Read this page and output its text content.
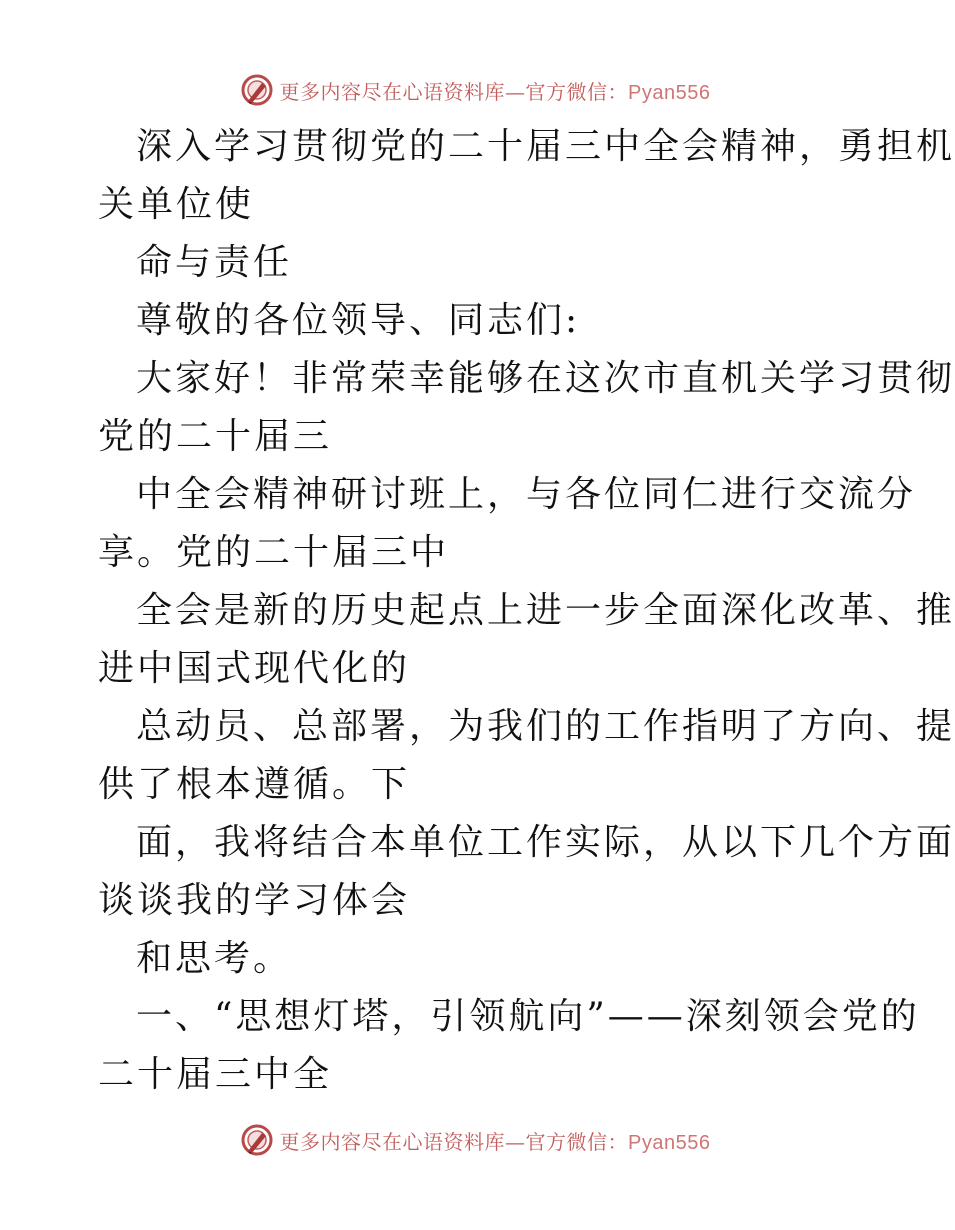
更多内容尽在心语资料库—官方微信：Pyan556
深入学习贯彻党的二十届三中全会精神，勇担机
关单位使
命与责任
尊敬的各位领导、同志们:
大家好！非常荣幸能够在这次市直机关学习贯彻
党的二十届三
中全会精神研讨班上，与各位同仁进行交流分
享。党的二十届三中
全会是新的历史起点上进一步全面深化改革、推
进中国式现代化的
总动员、总部署，为我们的工作指明了方向、提
供了根本遵循。下
面，我将结合本单位工作实际，从以下几个方面
谈谈我的学习体会
和思考。
一、“思想灯塔，引领航向”——深刻领会党的
二十届三中全
更多内容尽在心语资料库—官方微信：Pyan556
